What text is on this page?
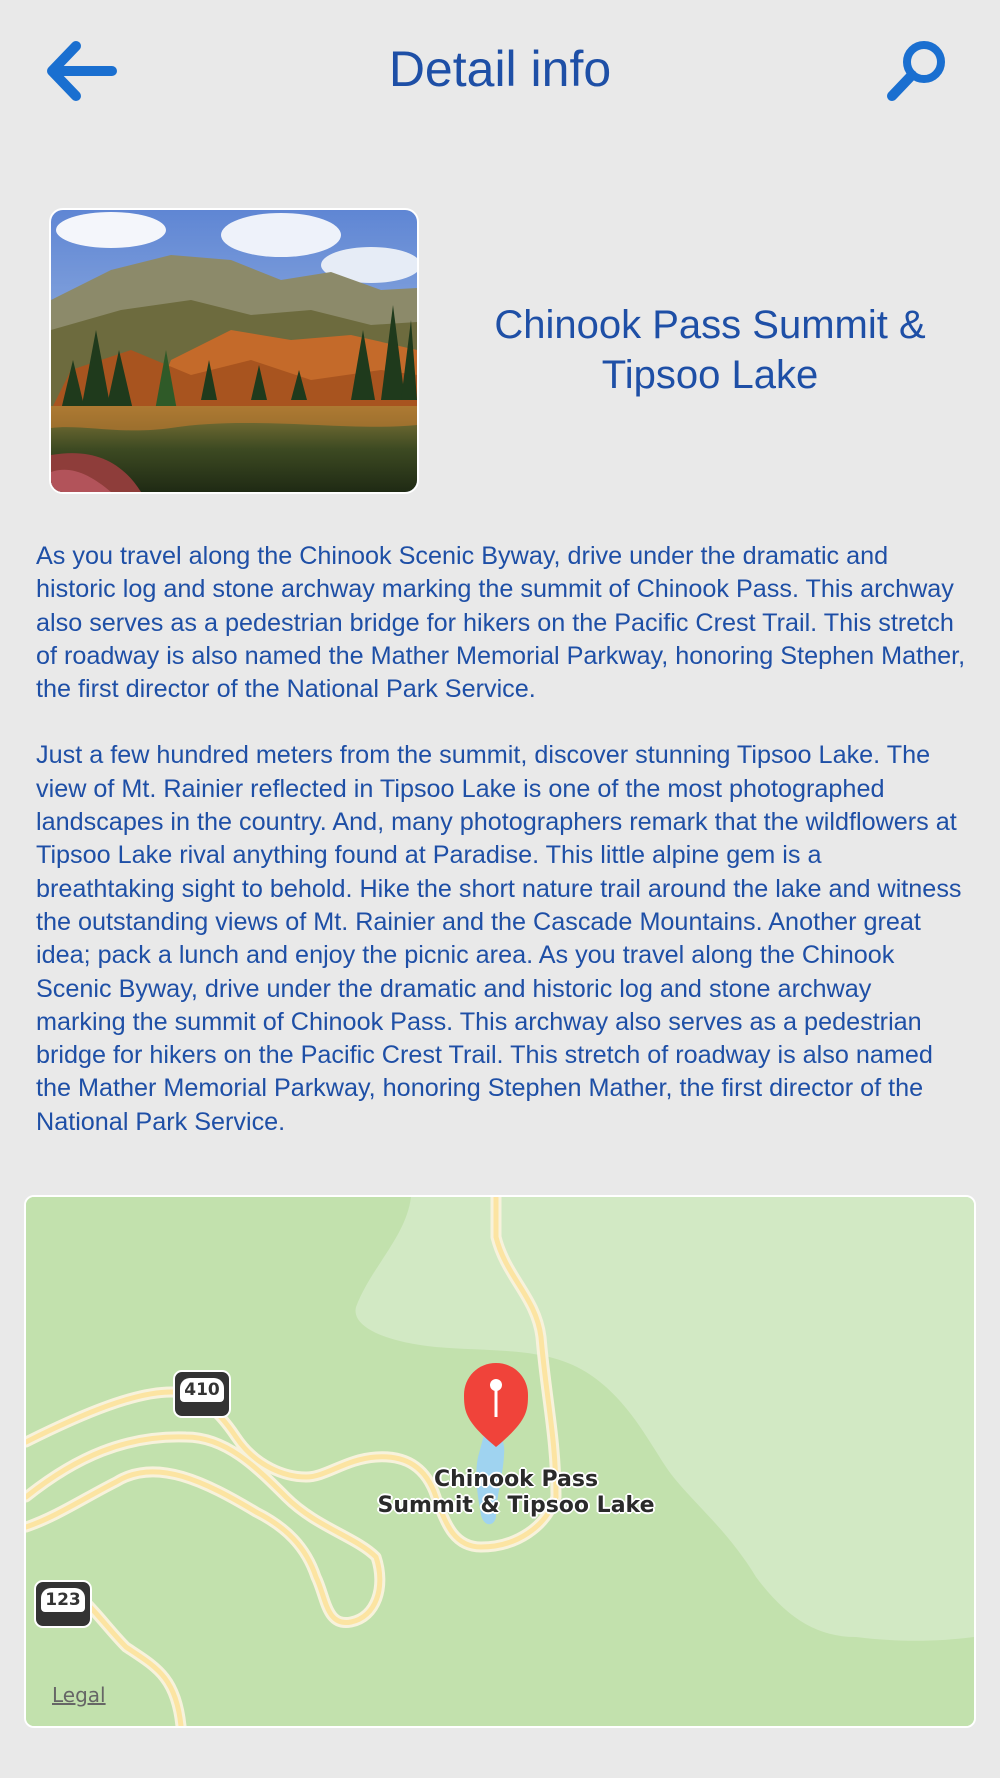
Detail info
Chinook Pass Summit & Tipsoo Lake

As you travel along the Chinook Scenic Byway, drive under the dramatic and historic log and stone archway marking the summit of Chinook Pass. This archway also serves as a pedestrian bridge for hikers on the Pacific Crest Trail. This stretch of roadway is also named the Mather Memorial Parkway, honoring Stephen Mather, the first director of the National Park Service.

Just a few hundred meters from the summit, discover stunning Tipsoo Lake. The view of Mt. Rainier reflected in Tipsoo Lake is one of the most photographed landscapes in the country. And, many photographers remark that the wildflowers at Tipsoo Lake rival anything found at Paradise. This little alpine gem is a breathtaking sight to behold. Hike the short nature trail around the lake and witness the outstanding views of Mt. Rainier and the Cascade Mountains. Another great idea; pack a lunch and enjoy the picnic area. As you travel along the Chinook Scenic Byway, drive under the dramatic and historic log and stone archway marking the summit of Chinook Pass. This archway also serves as a pedestrian bridge for hikers on the Pacific Crest Trail. This stretch of roadway is also named the Mather Memorial Parkway, honoring Stephen Mather, the first director of the National Park Service.

Chinook Pass
Summit & Tipsoo Lake
410
123
Legal
